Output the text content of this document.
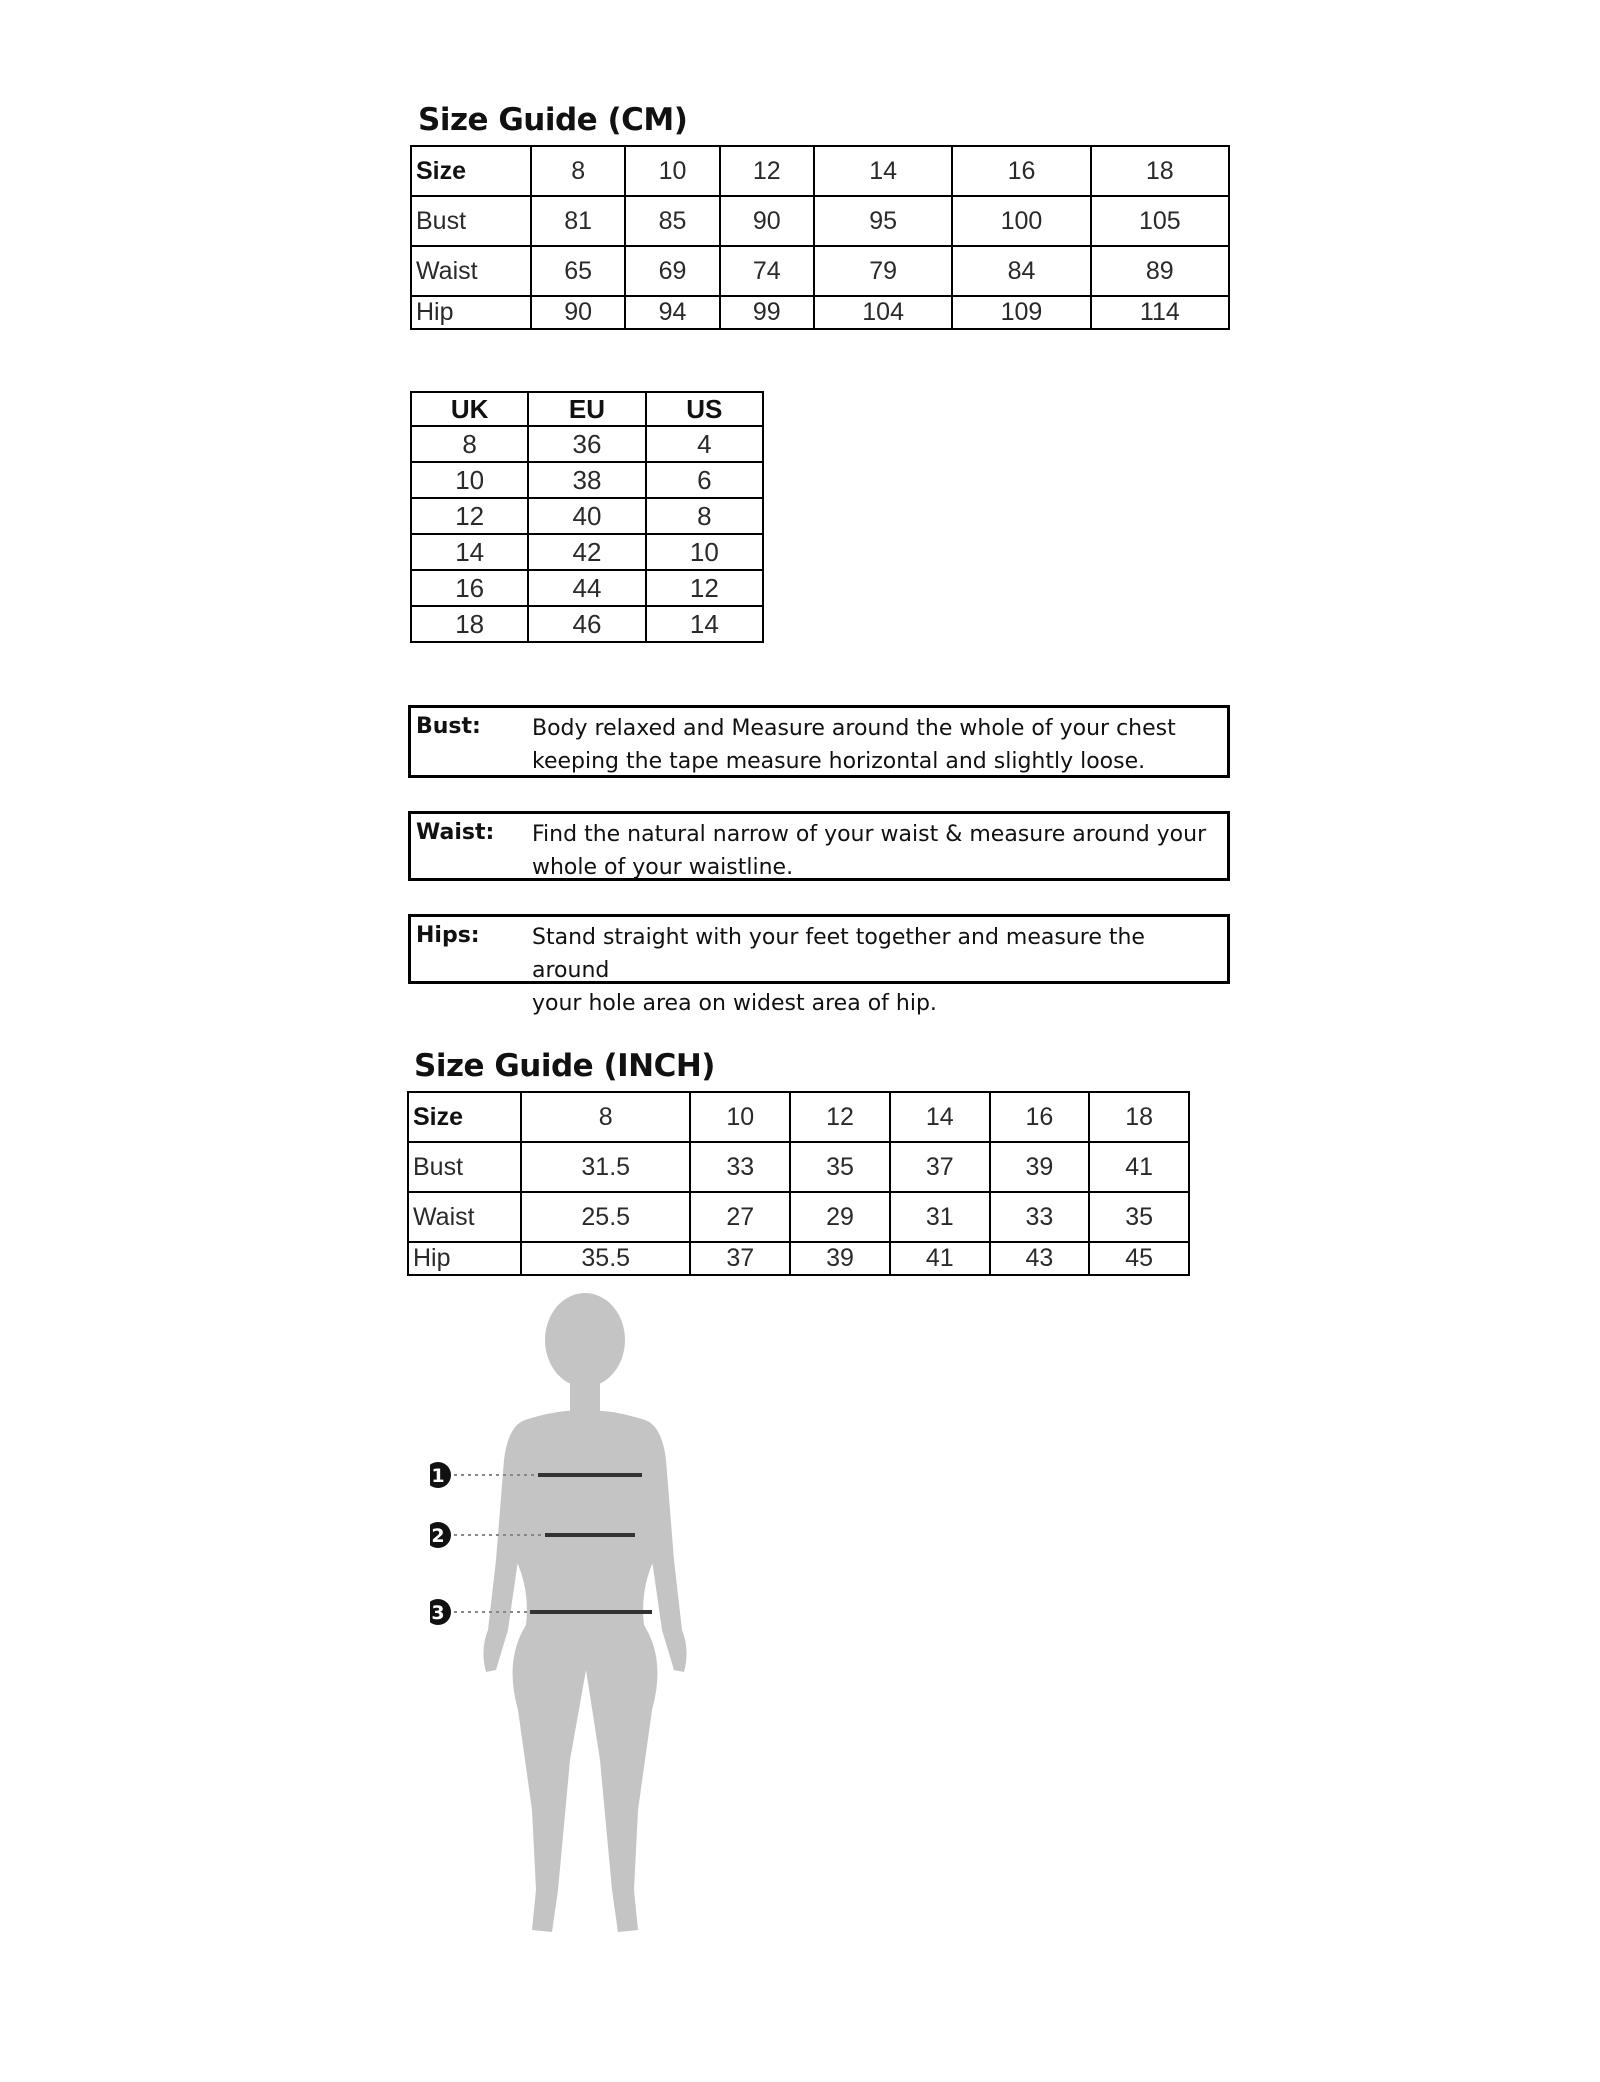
Size Guide (CM)
Size	8	10	12	14	16	18
Bust	81	85	90	95	100	105
Waist	65	69	74	79	84	89
Hip	90	94	99	104	109	114
UK	EU	US
8	36	4
10	38	6
12	40	8
14	42	10
16	44	12
18	46	14
Bust: Body relaxed and Measure around the whole of your chest
keeping the tape measure horizontal and slightly loose.
Waist: Find the natural narrow of your waist & measure around your
whole of your waistline.
Hips: Stand straight with your feet together and measure the around
your hole area on widest area of hip.
Size Guide (INCH)
Size	8	10	12	14	16	18
Bust	31.5	33	35	37	39	41
Waist	25.5	27	29	31	33	35
Hip	35.5	37	39	41	43	45
1
2
3
